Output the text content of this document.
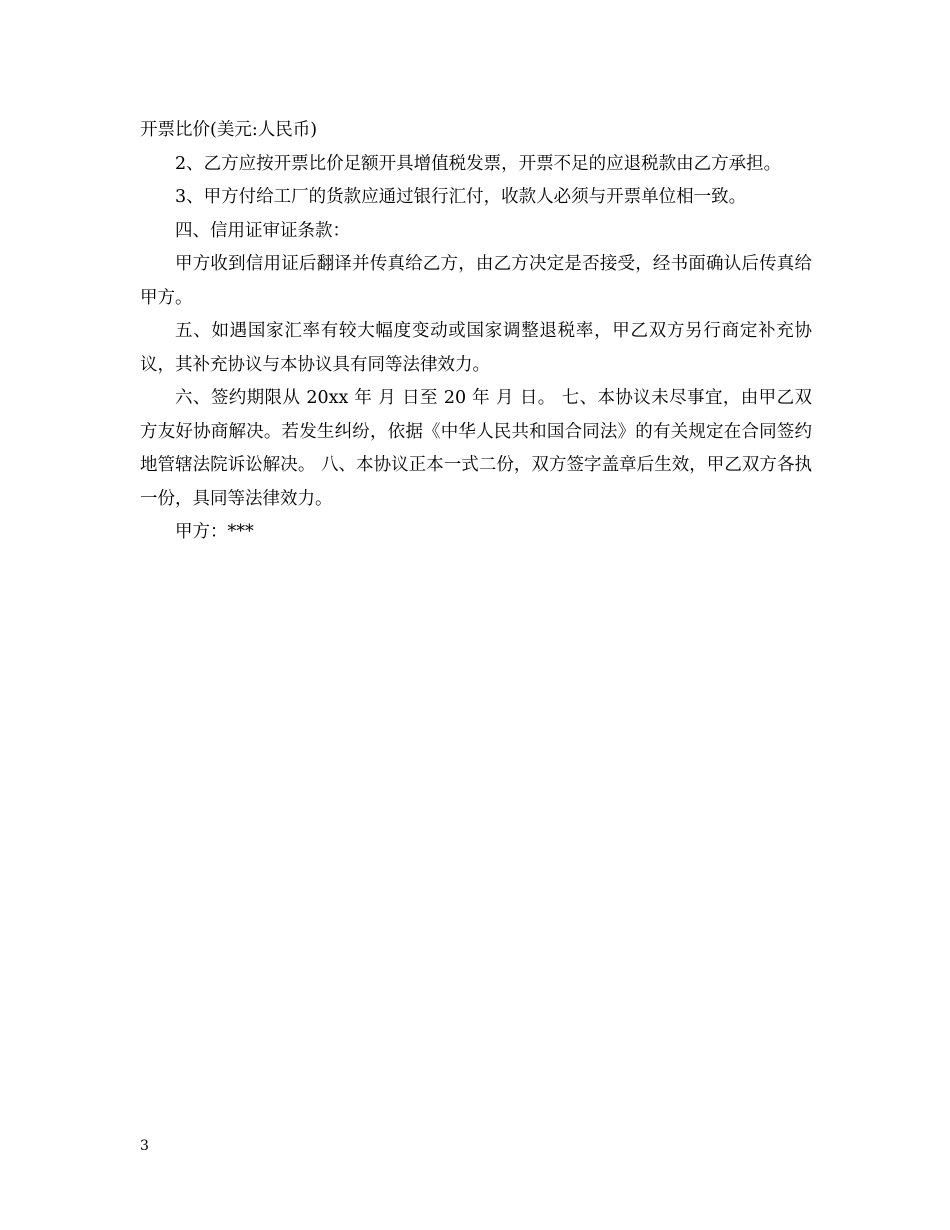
开票比价(美元:人民币)

2、乙方应按开票比价足额开具增值税发票，开票不足的应退税款由乙方承担。

3、甲方付给工厂的货款应通过银行汇付，收款人必须与开票单位相一致。

四、信用证审证条款：

甲方收到信用证后翻译并传真给乙方，由乙方决定是否接受，经书面确认后传真给甲方。

五、如遇国家汇率有较大幅度变动或国家调整退税率，甲乙双方另行商定补充协议，其补充协议与本协议具有同等法律效力。

六、签约期限从 20xx 年 月 日至 20 年 月 日。 七、本协议未尽事宜，由甲乙双方友好协商解决。若发生纠纷，依据《中华人民共和国合同法》的有关规定在合同签约地管辖法院诉讼解决。 八、本协议正本一式二份，双方签字盖章后生效，甲乙双方各执一份，具同等法律效力。

甲方：***

3
